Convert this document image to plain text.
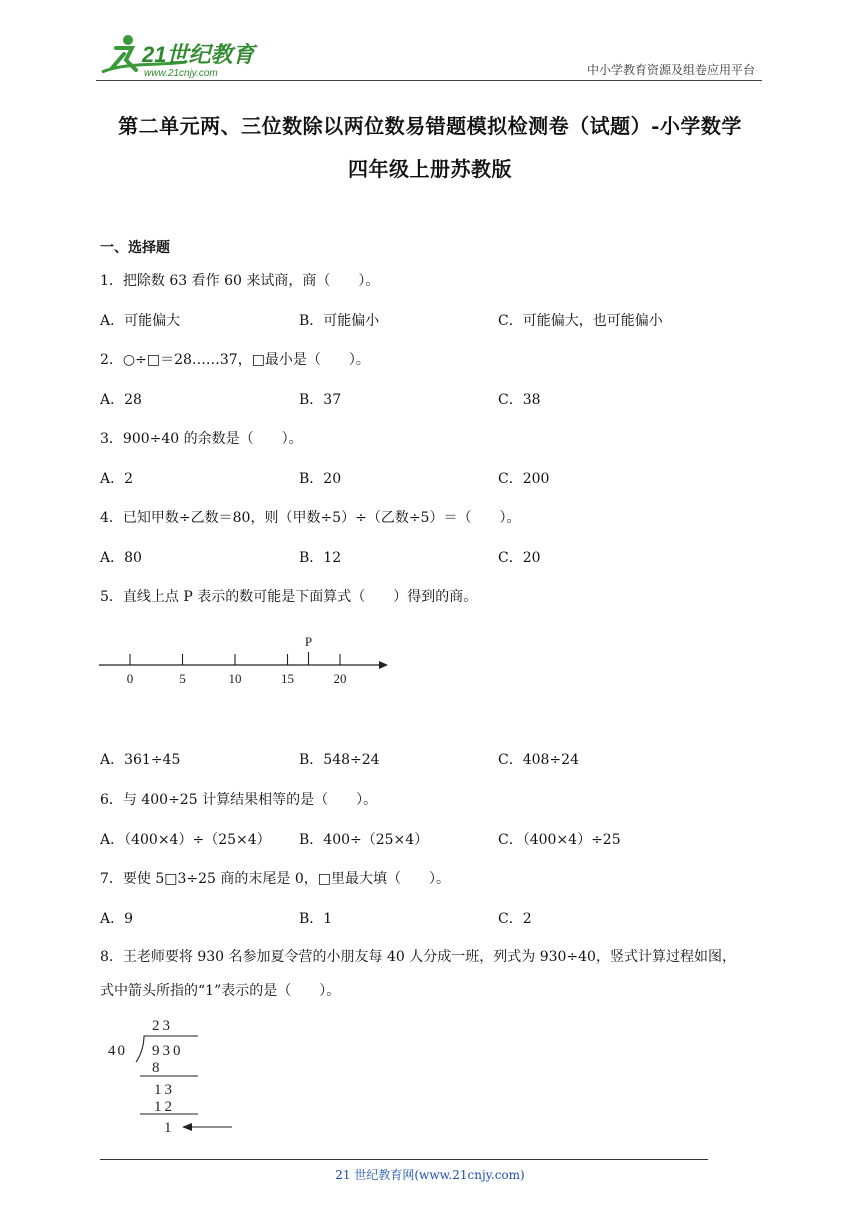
21世纪教育
www.21cnjy.com	中小学教育资源及组卷应用平台
第二单元两、三位数除以两位数易错题模拟检测卷（试题）-小学数学
四年级上册苏教版
一、选择题
1．把除数 63 看作 60 来试商，商（　　）。
A．可能偏大	B．可能偏小	C．可能偏大，也可能偏小
2．○÷□＝28……37，□最小是（　　）。
A．28	B．37	C．38
3．900÷40 的余数是（　　）。
A．2	B．20	C．200
4．已知甲数÷乙数＝80，则（甲数÷5）÷（乙数÷5）＝（　　）。
A．80	B．12	C．20
5．直线上点 P 表示的数可能是下面算式（　　）得到的商。
0	5	10	15	20
P
A．361÷45	B．548÷24	C．408÷24
6．与 400÷25 计算结果相等的是（　　）。
A．（400×4）÷（25×4） B．400÷（25×4）	C．（400×4）÷25
7．要使 5□3÷25 商的末尾是 0，□里最大填（　　）。
A．9	B．1	C．2
8．王老师要将 930 名参加夏令营的小朋友每 40 人分成一班，列式为 930÷40，竖式计算过程如图，
式中箭头所指的“1”表示的是（　　）。
23
40 930
8
13
12
1
21 世纪教育网(www.21cnjy.com)
